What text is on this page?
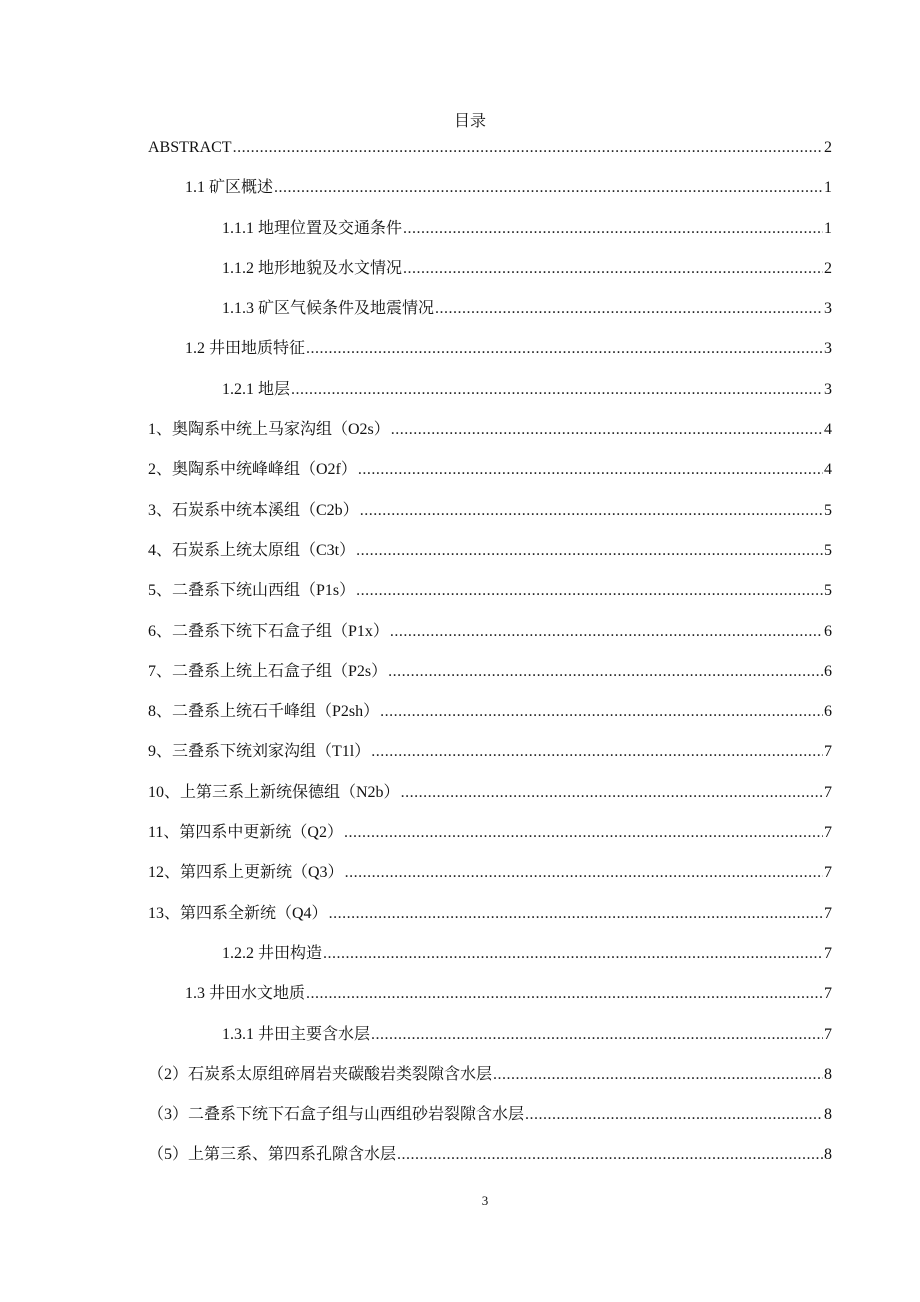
目录
ABSTRACT .....	2
1.1 矿区概述 .....	1
1.1.1 地理位置及交通条件 .....	1
1.1.2 地形地貌及水文情况 .....	2
1.1.3 矿区气候条件及地震情况 .....	3
1.2 井田地质特征 .....	3
1.2.1 地层 .....	3
1、奥陶系中统上马家沟组（O2s） .....	4
2、奥陶系中统峰峰组（O2f） .....	4
3、石炭系中统本溪组（C2b） .....	5
4、石炭系上统太原组（C3t） .....	5
5、二叠系下统山西组（P1s） .....	5
6、二叠系下统下石盒子组（P1x） .....	6
7、二叠系上统上石盒子组（P2s） .....	6
8、二叠系上统石千峰组（P2sh） .....	6
9、三叠系下统刘家沟组（T1l） .....	7
10、上第三系上新统保德组（N2b） .....	7
11、第四系中更新统（Q2） .....	7
12、第四系上更新统（Q3） .....	7
13、第四系全新统（Q4） .....	7
1.2.2 井田构造 .....	7
1.3 井田水文地质 .....	7
1.3.1 井田主要含水层 .....	7
（2）石炭系太原组碎屑岩夹碳酸岩类裂隙含水层 .....	8
（3）二叠系下统下石盒子组与山西组砂岩裂隙含水层 .....	8
（5）上第三系、第四系孔隙含水层 .....	8
3
